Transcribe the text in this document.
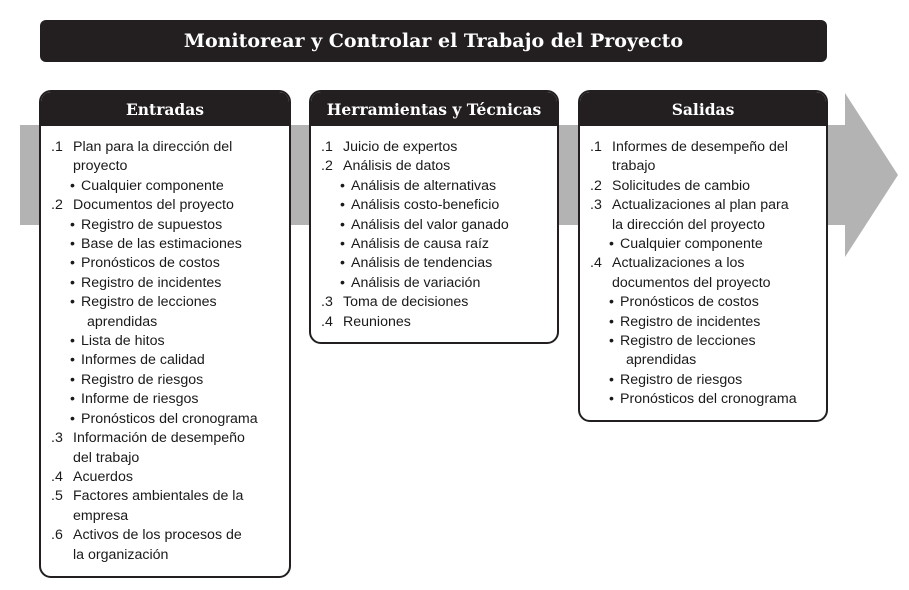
Monitorear y Controlar el Trabajo del Proyecto
Entradas
.1 Plan para la dirección del
proyecto
• Cualquier componente
.2 Documentos del proyecto
• Registro de supuestos
• Base de las estimaciones
• Pronósticos de costos
• Registro de incidentes
• Registro de lecciones
aprendidas
• Lista de hitos
• Informes de calidad
• Registro de riesgos
• Informe de riesgos
• Pronósticos del cronograma
.3 Información de desempeño
del trabajo
.4 Acuerdos
.5 Factores ambientales de la
empresa
.6 Activos de los procesos de
la organización
Herramientas y Técnicas
.1 Juicio de expertos
.2 Análisis de datos
• Análisis de alternativas
• Análisis costo-beneficio
• Análisis del valor ganado
• Análisis de causa raíz
• Análisis de tendencias
• Análisis de variación
.3 Toma de decisiones
.4 Reuniones
Salidas
.1 Informes de desempeño del
trabajo
.2 Solicitudes de cambio
.3 Actualizaciones al plan para
la dirección del proyecto
• Cualquier componente
.4 Actualizaciones a los
documentos del proyecto
• Pronósticos de costos
• Registro de incidentes
• Registro de lecciones
aprendidas
• Registro de riesgos
• Pronósticos del cronograma
